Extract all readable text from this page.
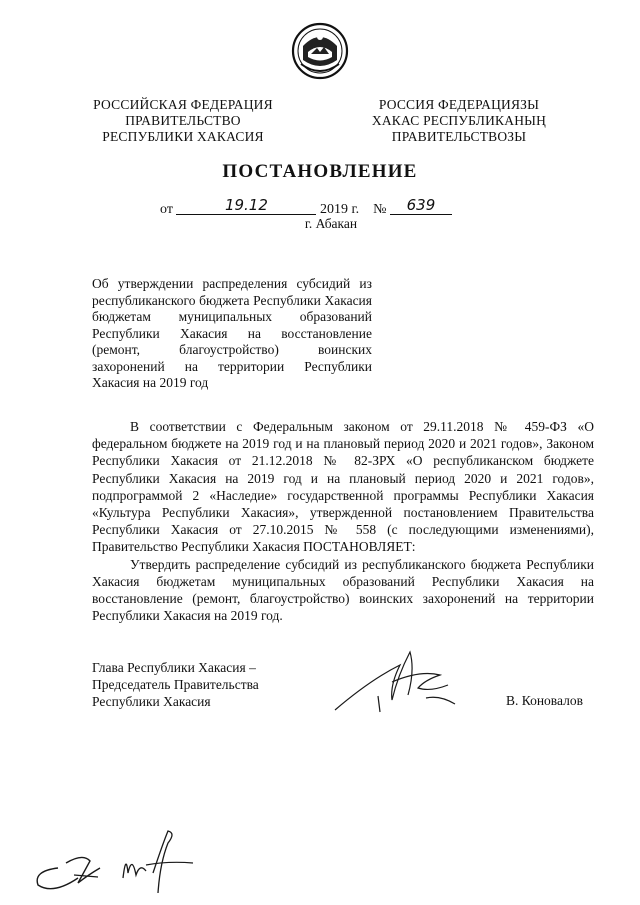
РОССИЙСКАЯ ФЕДЕРАЦИЯ
ПРАВИТЕЛЬСТВО
РЕСПУБЛИКИ ХАКАСИЯ
РОССИЯ ФЕДЕРАЦИЯЗЫ
ХАКАС РЕСПУБЛИКАНЫҢ
ПРАВИТЕЛЬСТВОЗЫ
ПОСТАНОВЛЕНИЕ
от	19.12	2019 г. № 639
г. Абакан
Об утверждении распределения субсидий из республиканского бюджета Республики Хакасия бюджетам муниципальных образований Республики Хакасия на восстановление (ремонт, благоустройство) воинских захоронений на территории Республики Хакасия на 2019 год

В соответствии с Федеральным законом от 29.11.2018 № 459-ФЗ «О федеральном бюджете на 2019 год и на плановый период 2020 и 2021 годов», Законом Республики Хакасия от 21.12.2018 № 82-ЗРХ «О республиканском бюджете Республики Хакасия на 2019 год и на плановый период 2020 и 2021 годов», подпрограммой 2 «Наследие» государственной программы Республики Хакасия «Культура Республики Хакасия», утвержденной постановлением Правительства Республики Хакасия от 27.10.2015 № 558 (с последующими изменениями), Правительство Республики Хакасия ПОСТАНОВЛЯЕТ:

Утвердить распределение субсидий из республиканского бюджета Республики Хакасия бюджетам муниципальных образований Республики Хакасия на восстановление (ремонт, благоустройство) воинских захоронений на территории Республики Хакасия на 2019 год.

Глава Республики Хакасия –
Председатель Правительства
Республики Хакасия	В. Коновалов
